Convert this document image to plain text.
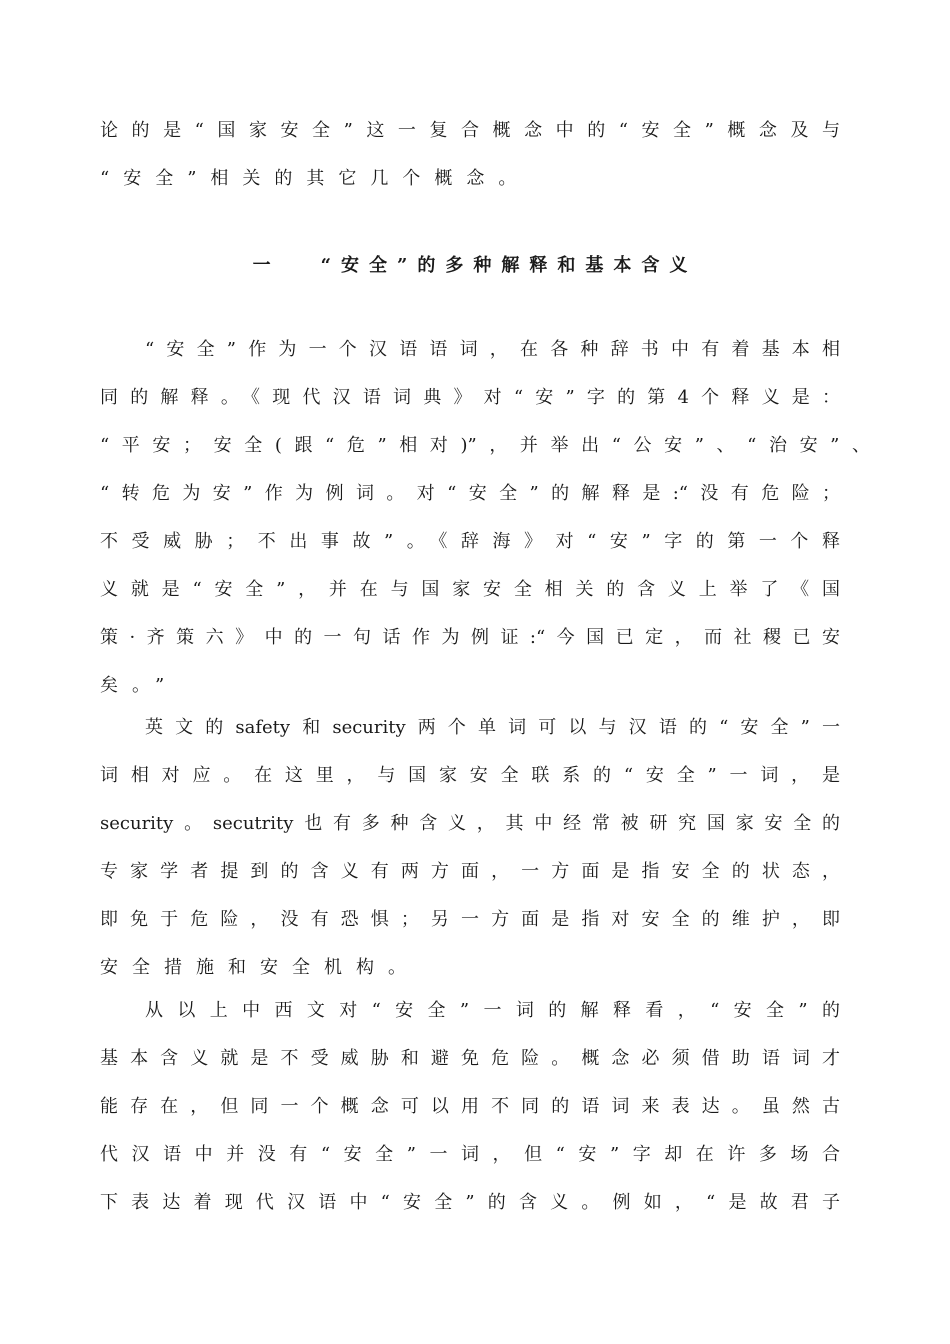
论的是“国家安全”这一复合概念中的“安全”概念及与
“安全”相关的其它几个概念。
一 “安全”的多种解释和基本含义
“安全”作为一个汉语语词，在各种辞书中有着基本相
同的解释。《现代汉语词典》对“安”字的第4个释义是：
“平安；安全(跟“危”相对)”，并举出“公安”、“治安”、
“转危为安”作为例词。对“安全”的解释是:“没有危险；
不受威胁；不出事故”。《辞海》对“安”字的第一个释
义就是“安全”，并在与国家安全相关的含义上举了《国
策·齐策六》中的一句话作为例证:“今国已定，而社稷已安
矣。”
英文的safety和security两个单词可以与汉语的“安全”一
词相对应。在这里，与国家安全联系的“安全”一词，是
security。secutrity也有多种含义，其中经常被研究国家安全的
专家学者提到的含义有两方面，一方面是指安全的状态，
即免于危险，没有恐惧；另一方面是指对安全的维护，即
安全措施和安全机构。
从以上中西文对“安全”一词的解释看，“安全”的
基本含义就是不受威胁和避免危险。概念必须借助语词才
能存在，但同一个概念可以用不同的语词来表达。虽然古
代汉语中并没有“安全”一词，但“安”字却在许多场合
下表达着现代汉语中“安全”的含义。例如，“是故君子
